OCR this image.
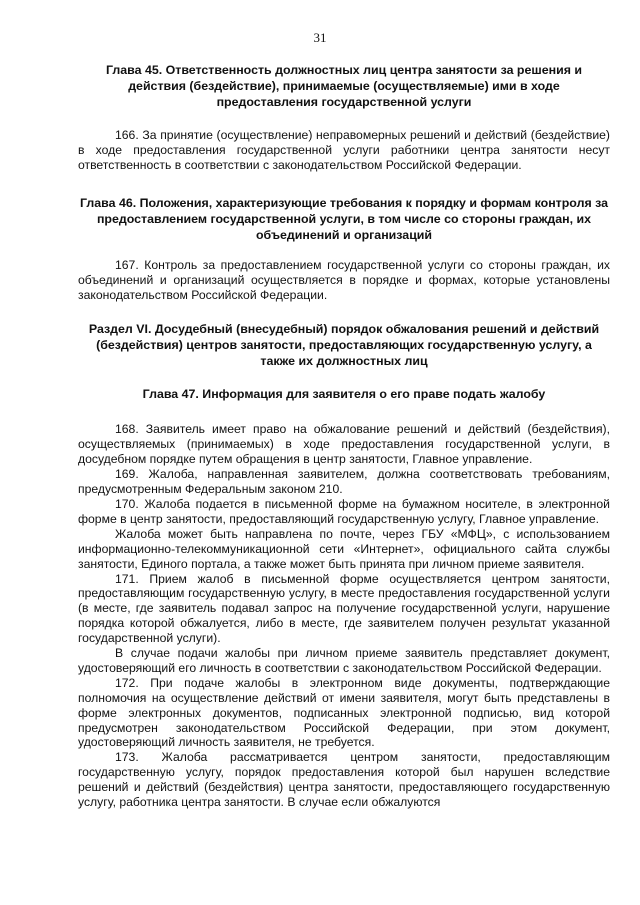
31
Глава 45. Ответственность должностных лиц центра занятости за решения и действия (бездействие), принимаемые (осуществляемые) ими в ходе предоставления государственной услуги

166. За принятие (осуществление) неправомерных решений и действий (бездействие) в ходе предоставления государственной услуги работники центра занятости несут ответственность в соответствии с законодательством Российской Федерации.

Глава 46. Положения, характеризующие требования к порядку и формам контроля за предоставлением государственной услуги, в том числе со стороны граждан, их объединений и организаций

167. Контроль за предоставлением государственной услуги со стороны граждан, их объединений и организаций осуществляется в порядке и формах, которые установлены законодательством Российской Федерации.

Раздел VI. Досудебный (внесудебный) порядок обжалования решений и действий (бездействия) центров занятости, предоставляющих государственную услугу, а также их должностных лиц
Глава 47. Информация для заявителя о его праве подать жалобу

168. Заявитель имеет право на обжалование решений и действий (бездействия), осуществляемых (принимаемых) в ходе предоставления государственной услуги, в досудебном порядке путем обращения в центр занятости, Главное управление.

169. Жалоба, направленная заявителем, должна соответствовать требованиям, предусмотренным Федеральным законом 210.

170. Жалоба подается в письменной форме на бумажном носителе, в электронной форме в центр занятости, предоставляющий государственную услугу, Главное управление.

Жалоба может быть направлена по почте, через ГБУ «МФЦ», с использованием информационно-телекоммуникационной сети «Интернет», официального сайта службы занятости, Единого портала, а также может быть принята при личном приеме заявителя.

171. Прием жалоб в письменной форме осуществляется центром занятости, предоставляющим государственную услугу, в месте предоставления государственной услуги (в месте, где заявитель подавал запрос на получение государственной услуги, нарушение порядка которой обжалуется, либо в месте, где заявителем получен результат указанной государственной услуги).

В случае подачи жалобы при личном приеме заявитель представляет документ, удостоверяющий его личность в соответствии с законодательством Российской Федерации.

172. При подаче жалобы в электронном виде документы, подтверждающие полномочия на осуществление действий от имени заявителя, могут быть представлены в форме электронных документов, подписанных электронной подписью, вид которой предусмотрен законодательством Российской Федерации, при этом документ, удостоверяющий личность заявителя, не требуется.

173. Жалоба рассматривается центром занятости, предоставляющим государственную услугу, порядок предоставления которой был нарушен вследствие решений и действий (бездействия) центра занятости, предоставляющего государственную услугу, работника центра занятости. В случае если обжалуются
